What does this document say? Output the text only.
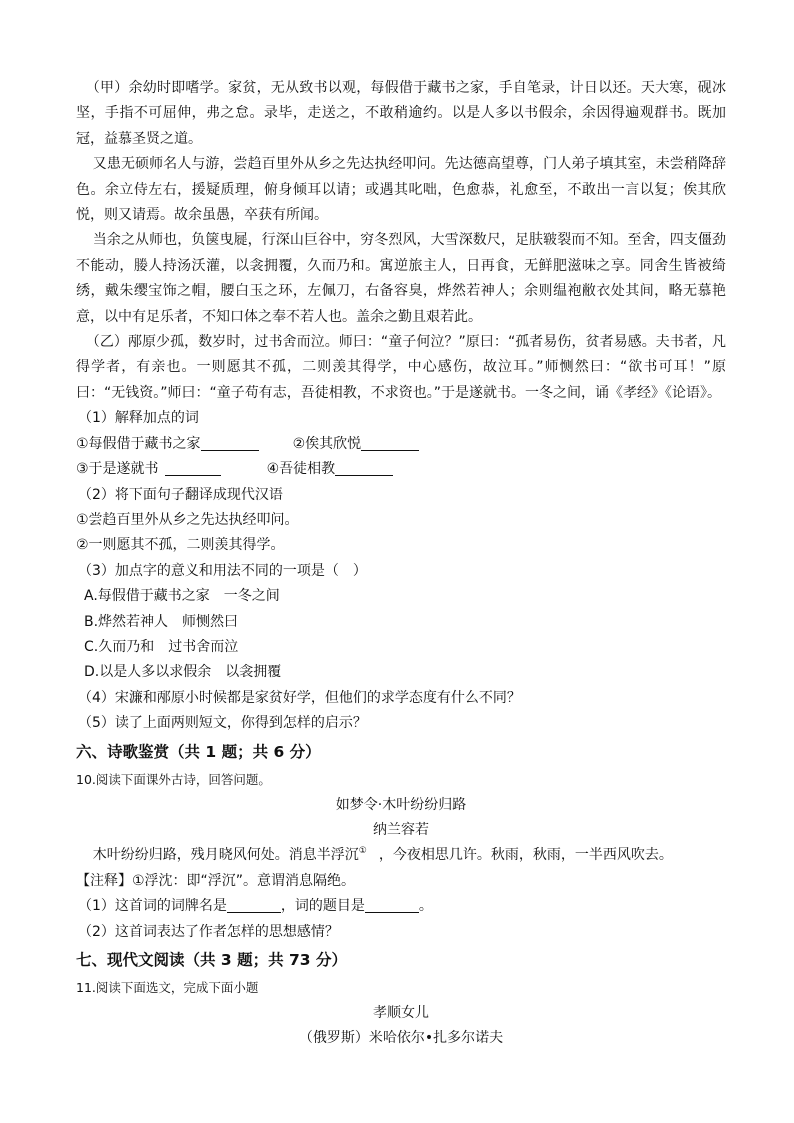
（甲）余幼时即嗜学。家贫，无从致书以观，每假借于藏书之家，手自笔录，计日以还。天大寒，砚冰坚，手指不可屈伸，弗之怠。录毕，走送之，不敢稍逾约。以是人多以书假余，余因得遍观群书。既加冠，益慕圣贤之道。

又患无硕师名人与游，尝趋百里外从乡之先达执经叩问。先达德高望尊，门人弟子填其室，未尝稍降辞色。余立侍左右，援疑质理，俯身倾耳以请；或遇其叱咄，色愈恭，礼愈至，不敢出一言以复；俟其欣悦，则又请焉。故余虽愚，卒获有所闻。

当余之从师也，负箧曳屣，行深山巨谷中，穷冬烈风，大雪深数尺，足肤皲裂而不知。至舍，四支僵劲不能动，媵人持汤沃灌，以衾拥覆，久而乃和。寓逆旅主人，日再食，无鲜肥滋味之享。同舍生皆被绮绣，戴朱缨宝饰之帽，腰白玉之环，左佩刀，右备容臭，烨然若神人；余则缊袍敝衣处其间，略无慕艳意，以中有足乐者，不知口体之奉不若人也。盖余之勤且艰若此。

（乙）邴原少孤，数岁时，过书舍而泣。师曰：“童子何泣？”原曰：“孤者易伤，贫者易感。夫书者，凡得学者，有亲也。一则愿其不孤，二则羡其得学，中心感伤，故泣耳。”师恻然曰：“欲书可耳！”原曰：“无钱资。”师曰：“童子苟有志，吾徒相教，不求资也。”于是遂就书。一冬之间，诵《孝经》《论语》。

（1）解释加点的词

①每假借于藏书之家	②俟其欣悦

③于是遂就书	④吾徒相教

（2）将下面句子翻译成现代汉语

①尝趋百里外从乡之先达执经叩问。

②一则愿其不孤，二则羡其得学。

（3）加点字的意义和用法不同的一项是（　）

A.每假借于藏书之家　一冬之间

B.烨然若神人　师恻然曰

C.久而乃和　过书舍而泣

D.以是人多以求假余　以衾拥覆

（4）宋濂和邴原小时候都是家贫好学，但他们的求学态度有什么不同？

（5）读了上面两则短文，你得到怎样的启示？

六、诗歌鉴赏（共 1 题；共 6 分）

10.阅读下面课外古诗，回答问题。

如梦令·木叶纷纷归路

纳兰容若

木叶纷纷归路，残月晓风何处。消息半浮沉① ，今夜相思几许。秋雨，秋雨，一半西风吹去。

【注释】①浮沈：即“浮沉”。意谓消息隔绝。

（1）这首词的词牌名是	，词的题目是	。

（2）这首词表达了作者怎样的思想感情？

七、现代文阅读（共 3 题；共 73 分）

11.阅读下面选文，完成下面小题

孝顺女儿

（俄罗斯）米哈依尔•扎多尔诺夫
